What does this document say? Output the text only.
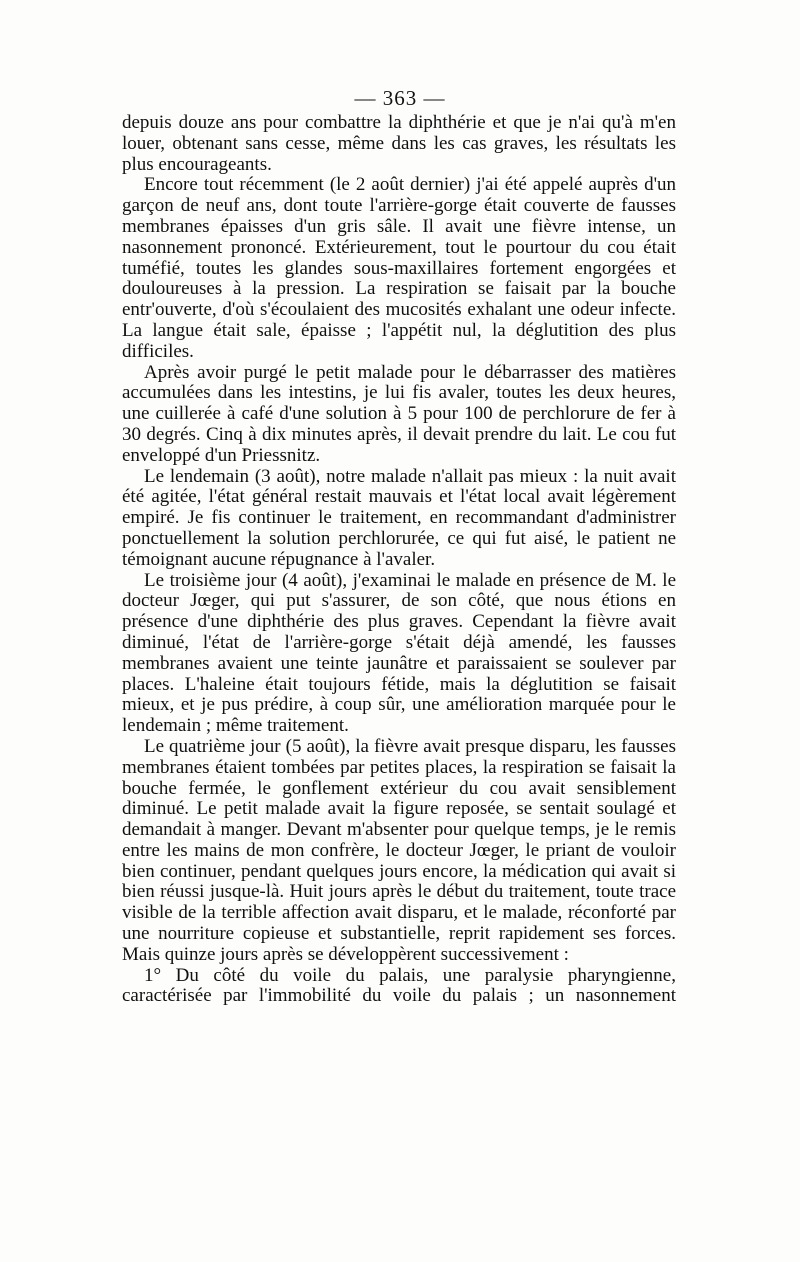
— 363 —

depuis douze ans pour combattre la diphthérie et que je n'ai qu'à m'en louer, obtenant sans cesse, même dans les cas graves, les résultats les plus encourageants.

Encore tout récemment (le 2 août dernier) j'ai été appelé auprès d'un garçon de neuf ans, dont toute l'arrière-gorge était couverte de fausses membranes épaisses d'un gris sâle. Il avait une fièvre intense, un nasonnement prononcé. Extérieurement, tout le pourtour du cou était tuméfié, toutes les glandes sous-maxillaires fortement engorgées et douloureuses à la pression. La respiration se faisait par la bouche entr'ouverte, d'où s'écoulaient des mucosités exhalant une odeur infecte. La langue était sale, épaisse ; l'appétit nul, la déglutition des plus difficiles.

Après avoir purgé le petit malade pour le débarrasser des matières accumulées dans les intestins, je lui fis avaler, toutes les deux heures, une cuillerée à café d'une solution à 5 pour 100 de perchlorure de fer à 30 degrés. Cinq à dix minutes après, il devait prendre du lait. Le cou fut enveloppé d'un Priessnitz.

Le lendemain (3 août), notre malade n'allait pas mieux : la nuit avait été agitée, l'état général restait mauvais et l'état local avait légèrement empiré. Je fis continuer le traitement, en recommandant d'administrer ponctuellement la solution perchlorurée, ce qui fut aisé, le patient ne témoignant aucune répugnance à l'avaler.

Le troisième jour (4 août), j'examinai le malade en présence de M. le docteur Jœger, qui put s'assurer, de son côté, que nous étions en présence d'une diphthérie des plus graves. Cependant la fièvre avait diminué, l'état de l'arrière-gorge s'était déjà amendé, les fausses membranes avaient une teinte jaunâtre et paraissaient se soulever par places. L'haleine était toujours fétide, mais la déglutition se faisait mieux, et je pus prédire, à coup sûr, une amélioration marquée pour le lendemain ; même traitement.

Le quatrième jour (5 août), la fièvre avait presque disparu, les fausses membranes étaient tombées par petites places, la respiration se faisait la bouche fermée, le gonflement extérieur du cou avait sensiblement diminué. Le petit malade avait la figure reposée, se sentait soulagé et demandait à manger. Devant m'absenter pour quelque temps, je le remis entre les mains de mon confrère, le docteur Jœger, le priant de vouloir bien continuer, pendant quelques jours encore, la médication qui avait si bien réussi jusque-là. Huit jours après le début du traitement, toute trace visible de la terrible affection avait disparu, et le malade, réconforté par une nourriture copieuse et substantielle, reprit rapidement ses forces. Mais quinze jours après se développèrent successivement :

1° Du côté du voile du palais, une paralysie pharyngienne, caractérisée par l'immobilité du voile du palais ; un nasonnement
